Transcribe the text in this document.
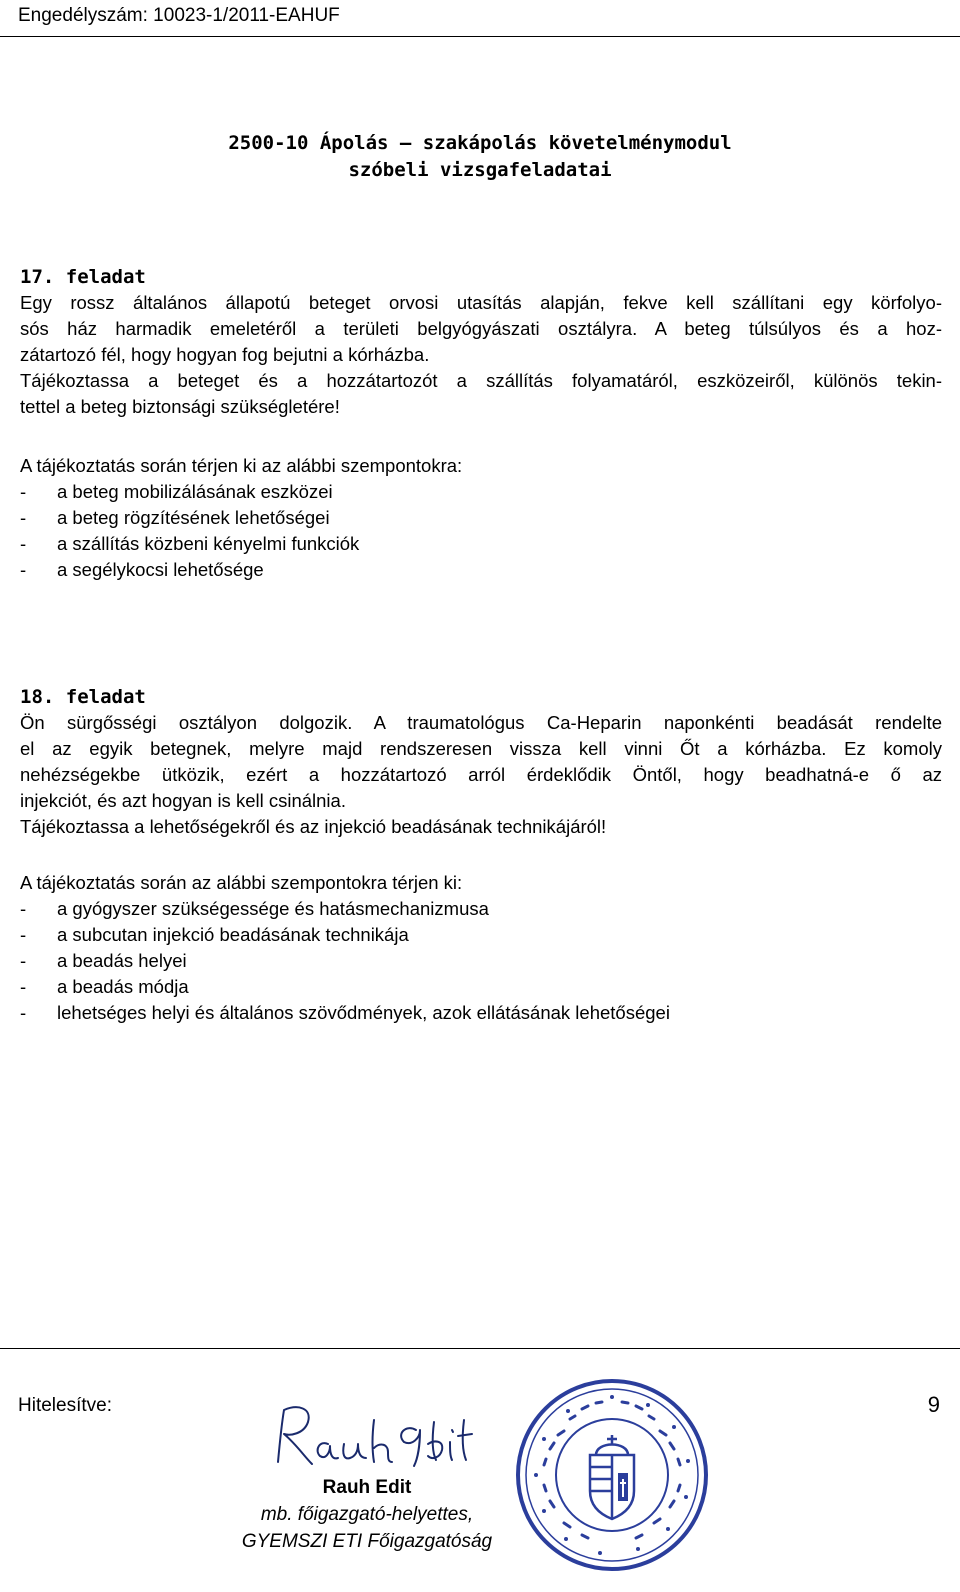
Engedélyszám: 10023-1/2011-EAHUF
2500-10 Ápolás – szakápolás követelménymodul
szóbeli vizsgafeladatai
17. feladat
Egy rossz általános állapotú beteget orvosi utasítás alapján, fekve kell szállítani egy körfolyo-
sós ház harmadik emeletéről a területi belgyógyászati osztályra. A beteg túlsúlyos és a hoz-
zátartozó fél, hogy hogyan fog bejutni a kórházba.
Tájékoztassa a beteget és a hozzátartozót a szállítás folyamatáról, eszközeiről, különös tekin-
tettel a beteg biztonsági szükségletére!
A tájékoztatás során térjen ki az alábbi szempontokra:
-	a beteg mobilizálásának eszközei
-	a beteg rögzítésének lehetőségei
-	a szállítás közbeni kényelmi funkciók
-	a segélykocsi lehetősége
18. feladat
Ön sürgősségi osztályon dolgozik. A traumatológus Ca-Heparin naponkénti beadását rendelte
el az egyik betegnek, melyre majd rendszeresen vissza kell vinni Őt a kórházba. Ez komoly
nehézségekbe ütközik, ezért a hozzátartozó arról érdeklődik Öntől, hogy beadhatná-e ő az
injekciót, és azt hogyan is kell csinálnia.
Tájékoztassa a lehetőségekről és az injekció beadásának technikájáról!
A tájékoztatás során az alábbi szempontokra térjen ki:
-	a gyógyszer szükségessége és hatásmechanizmusa
-	a subcutan injekció beadásának technikája
-	a beadás helyei
-	a beadás módja
-	lehetséges helyi és általános szövődmények, azok ellátásának lehetőségei
9
Hitelesítve:
Rauh Edit
mb. főigazgató-helyettes,
GYEMSZI ETI Főigazgatóság
